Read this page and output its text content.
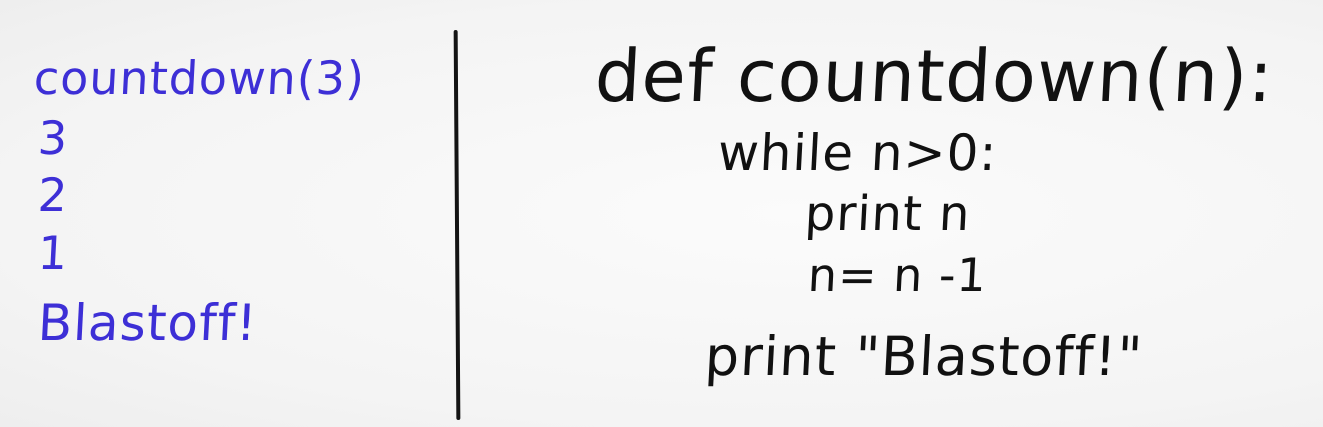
countdown(3)
3
2
1
Blastoff!
def countdown(n):
while n>0:
print n
n= n -1
print "Blastoff!"
